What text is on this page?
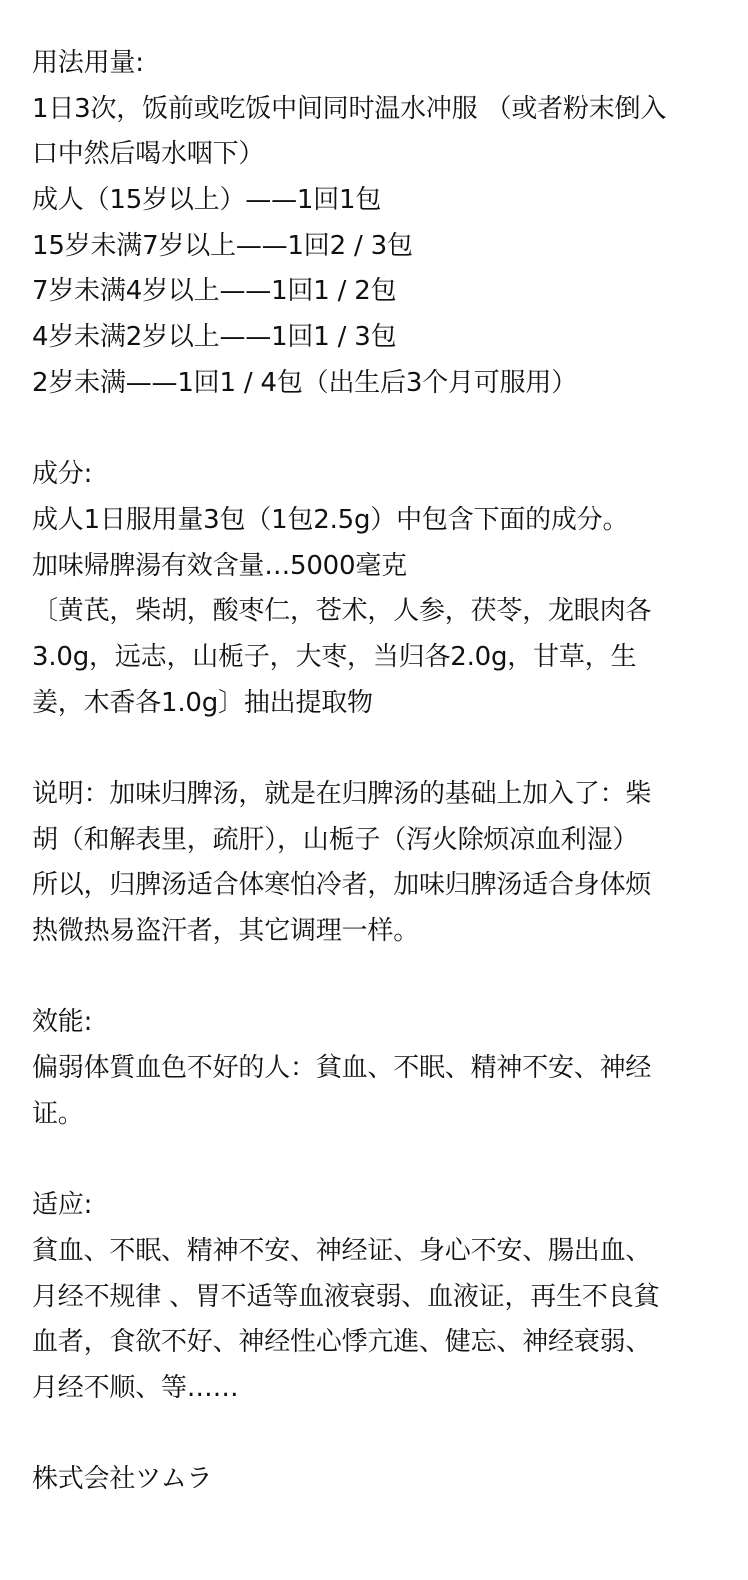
用法用量:
1日3次，饭前或吃饭中间同时温水冲服 （或者粉末倒入
口中然后喝水咽下）
成人（15岁以上）——1回1包
15岁未满7岁以上——1回2 / 3包
7岁未满4岁以上——1回1 / 2包
4岁未满2岁以上——1回1 / 3包
2岁未满——1回1 / 4包（出生后3个月可服用）
成分:
成人1日服用量3包（1包2.5g）中包含下面的成分。
加味帰脾湯有效含量…5000毫克
〔黄芪，柴胡，酸枣仁，苍术，人参，茯苓，龙眼肉各
3.0g，远志，山栀子，大枣，当归各2.0g，甘草，生
姜，木香各1.0g〕抽出提取物
说明：加味归脾汤，就是在归脾汤的基础上加入了：柴
胡（和解表里，疏肝），山栀子（泻火除烦凉血利湿）
所以，归脾汤适合体寒怕冷者，加味归脾汤适合身体烦
热微热易盗汗者，其它调理一样。
效能:
偏弱体質血色不好的人：貧血、不眠、精神不安、神经
证。
适应:
貧血、不眠、精神不安、神经证、身心不安、腸出血、
月经不规律 、胃不适等血液衰弱、血液证，再生不良貧
血者，食欲不好、神经性心悸亢進、健忘、神经衰弱、
月经不顺、等……
株式会社ツムラ
